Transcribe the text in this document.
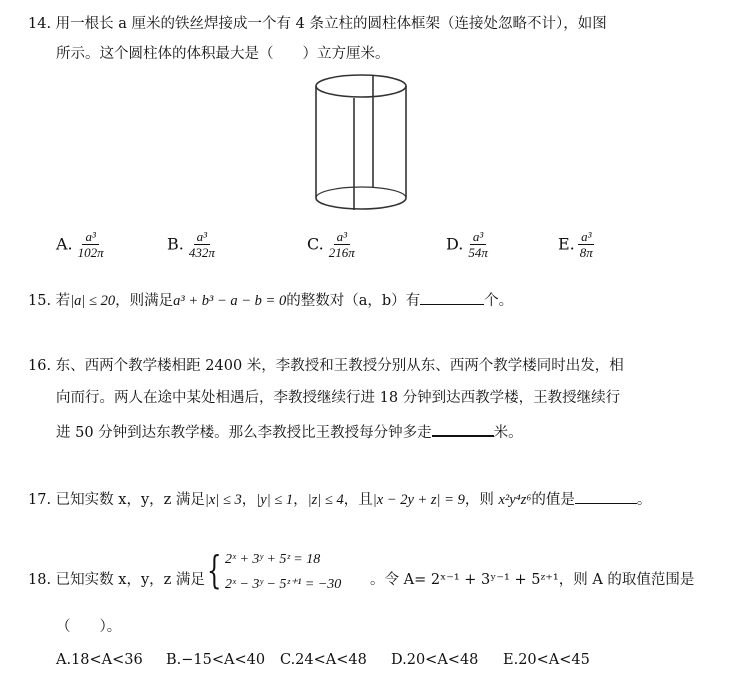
14. 用一根长 a 厘米的铁丝焊接成一个有 4 条立柱的圆柱体框架（连接处忽略不计），如图
所示。这个圆柱体的体积最大是（　　）立方厘米。
A. $\frac{\text{a³}}{102\pi}$	B. $\frac{\text{a³}}{432\pi}$	C. $\frac{\text{a³}}{216\pi}$	D. $\frac{\text{a³}}{54\pi}$	E. $\frac{\text{a³}}{8\pi}$
15. 若|a| ≤ 20，则满足a³ + b³ − a − b = 0的整数对（a，b）有	个。
16. 东、西两个教学楼相距 2400 米，李教授和王教授分别从东、西两个教学楼同时出发，相
向而行。两人在途中某处相遇后，李教授继续行进 18 分钟到达西教学楼，王教授继续行
进 50 分钟到达东教学楼。那么李教授比王教授每分钟多走	米。
17. 已知实数 x，y，z 满足|x| ≤ 3，|y| ≤ 1，|z| ≤ 4，且|x − 2y + z| = 9，则 x²y⁴z⁶的值是	。
18. 已知实数 x，y，z 满足 { 2ˣ + 3ʸ + 5ᶻ = 18
2ˣ − 3ʸ − 5ᶻ⁺¹ = −30 。令 A= 2ˣ⁻¹ + 3ʸ⁻¹ + 5ᶻ⁺¹，则 A 的取值范围是
（　　）。
A.18<A<36 B.−15<A<40 C.24<A<48 D.20<A<48 E.20<A<45
